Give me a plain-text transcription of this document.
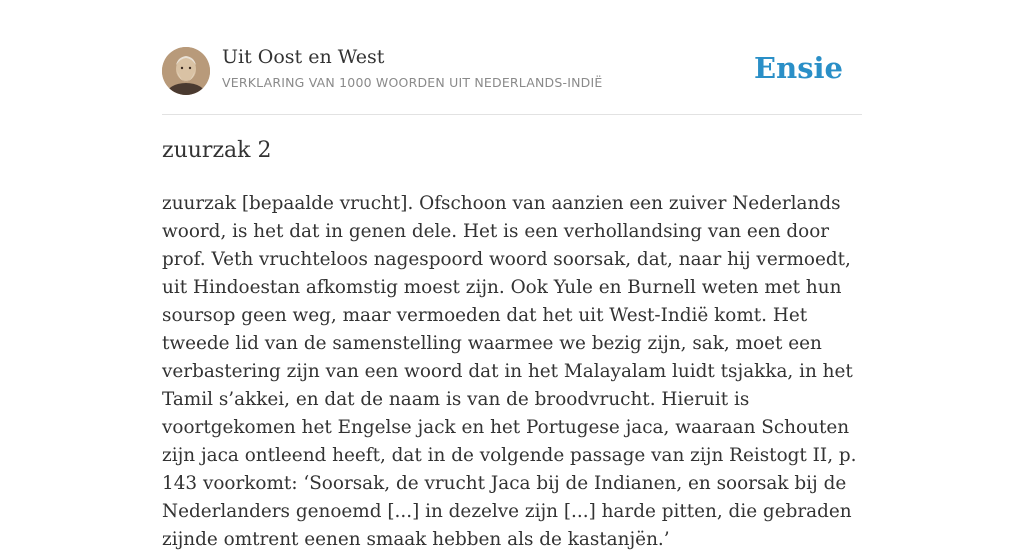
Uit Oost en West
VERKLARING VAN 1000 WOORDEN UIT NEDERLANDS-INDIË	Ensie
zuurzak 2

zuurzak [bepaalde vrucht]. Ofschoon van aanzien een zuiver Nederlands woord, is het dat in genen dele. Het is een verhollandsing van een door prof. Veth vruchteloos nagespoord woord soorsak, dat, naar hij vermoedt, uit Hindoestan afkomstig moest zijn. Ook Yule en Burnell weten met hun soursop geen weg, maar vermoeden dat het uit West-Indië komt. Het tweede lid van de samenstelling waarmee we bezig zijn, sak, moet een verbastering zijn van een woord dat in het Malayalam luidt tsjakka, in het Tamil s’akkei, en dat de naam is van de broodvrucht. Hieruit is voortgekomen het Engelse jack en het Portugese jaca, waaraan Schouten zijn jaca ontleend heeft, dat in de volgende passage van zijn Reistogt II, p. 143 voorkomt: ‘Soorsak, de vrucht Jaca bij de Indianen, en soorsak bij de Nederlanders genoemd [...] in dezelve zijn [...] harde pitten, die gebraden zijnde omtrent eenen smaak hebben als de kastanjën.’
